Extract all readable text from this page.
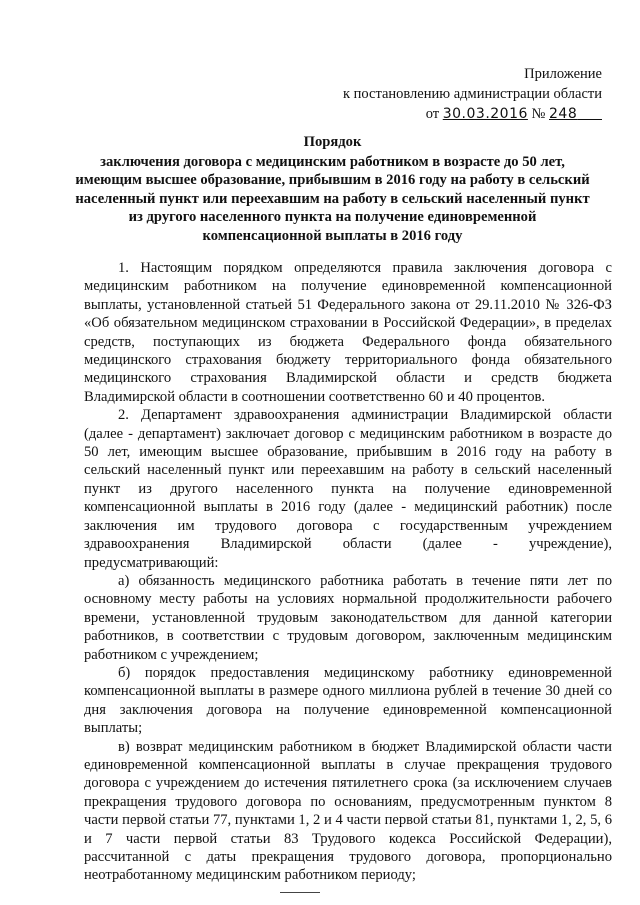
Приложение
к постановлению администрации области
от 30.03.2016 № 248
Порядок
заключения договора с медицинским работником в возрасте до 50 лет,
имеющим высшее образование, прибывшим в 2016 году на работу в сельский
населенный пункт или переехавшим на работу в сельский населенный пункт
из другого населенного пункта на получение единовременной
компенсационной выплаты в 2016 году

1. Настоящим порядком определяются правила заключения договора с медицинским работником на получение единовременной компенсационной выплаты, установленной статьей 51 Федерального закона от 29.11.2010 № 326-ФЗ «Об обязательном медицинском страховании в Российской Федерации», в пределах средств, поступающих из бюджета Федерального фонда обязательного медицинского страхования бюджету территориального фонда обязательного медицинского страхования Владимирской области и средств бюджета Владимирской области в соотношении соответственно 60 и 40 процентов.

2. Департамент здравоохранения администрации Владимирской области (далее - департамент) заключает договор с медицинским работником в возрасте до 50 лет, имеющим высшее образование, прибывшим в 2016 году на работу в сельский населенный пункт или переехавшим на работу в сельский населенный пункт из другого населенного пункта на получение единовременной компенсационной выплаты в 2016 году (далее - медицинский работник) после заключения им трудового договора с государственным учреждением здравоохранения Владимирской области (далее - учреждение), предусматривающий:

а) обязанность медицинского работника работать в течение пяти лет по основному месту работы на условиях нормальной продолжительности рабочего времени, установленной трудовым законодательством для данной категории работников, в соответствии с трудовым договором, заключенным медицинским работником с учреждением;

б) порядок предоставления медицинскому работнику единовременной компенсационной выплаты в размере одного миллиона рублей в течение 30 дней со дня заключения договора на получение единовременной компенсационной выплаты;

в) возврат медицинским работником в бюджет Владимирской области части единовременной компенсационной выплаты в случае прекращения трудового договора с учреждением до истечения пятилетнего срока (за исключением случаев прекращения трудового договора по основаниям, предусмотренным пунктом 8 части первой статьи 77, пунктами 1, 2 и 4 части первой статьи 81, пунктами 1, 2, 5, 6 и 7 части первой статьи 83 Трудового кодекса Российской Федерации), рассчитанной с даты прекращения трудового договора, пропорционально неотработанному медицинским работником периоду;
